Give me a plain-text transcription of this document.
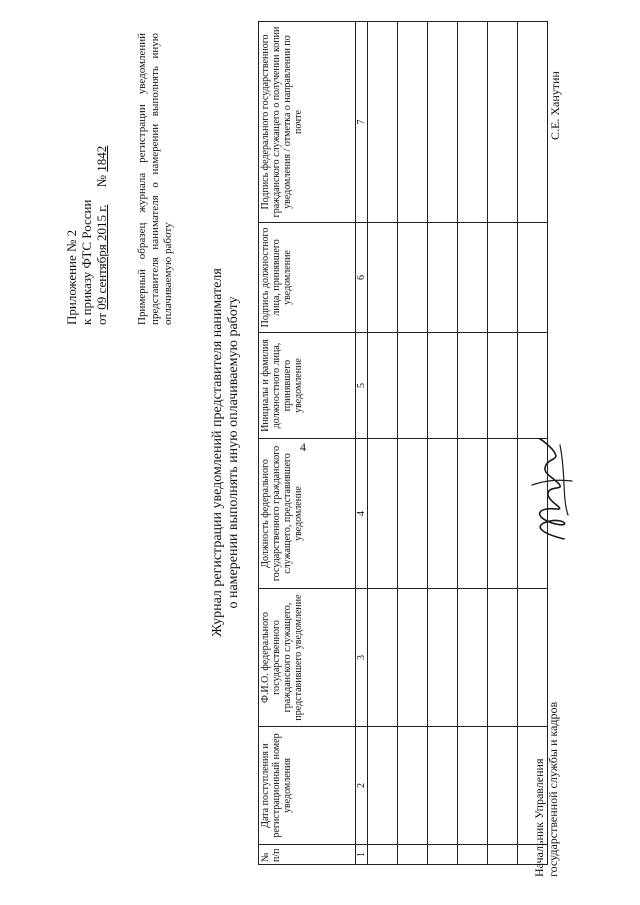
4
Приложение № 2 к приказу ФТС России от 09 сентября 2015 г. № 1842 Примерный образец журнала регистрации уведомлений представителя нанимателя о намерении выполнять иную оплачиваемую работу	Журнал регистрации уведомлений представителя нанимателя о намерении выполнять иную оплачиваемую работу
№ п/п	Дата поступления и регистрационный номер уведомления	Ф.И.О. федерального государственного гражданского служащего, представившего уведомление	Должность федерального государственного гражданского служащего, представившего уведомление	Инициалы и фамилия должностного лица, принявшего уведомление	Подпись должностного лица, принявшего уведомление	Подпись федерального государственного гражданского служащего о получении копии уведомления / отметка о направлении по почте
1	2	3	4	5	6	7

Начальник Управления государственной службы и кадров
С.Е. Ханутин
